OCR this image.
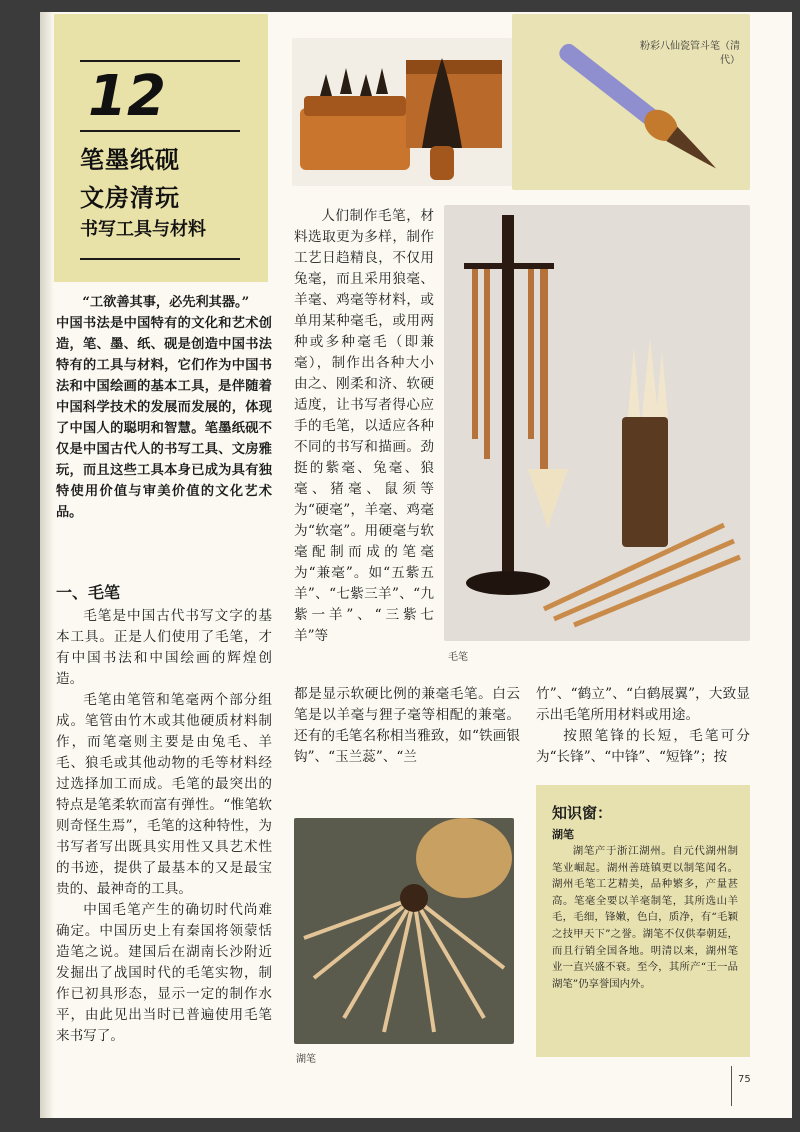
12
笔墨纸砚
文房清玩
书写工具与材料
粉彩八仙瓷管斗笔（清代）
毛笔
湖笔

“工欲善其事，必先利其器。”

中国书法是中国特有的文化和艺术创造，笔、墨、纸、砚是创造中国书法特有的工具与材料，它们作为中国书法和中国绘画的基本工具，是伴随着中国科学技术的发展而发展的，体现了中国人的聪明和智慧。笔墨纸砚不仅是中国古代人的书写工具、文房雅玩，而且这些工具本身已成为具有独特使用价值与审美价值的文化艺术品。

一、毛笔

毛笔是中国古代书写文字的基本工具。正是人们使用了毛笔，才有中国书法和中国绘画的辉煌创造。

毛笔由笔管和笔毫两个部分组成。笔管由竹木或其他硬质材料制作，而笔毫则主要是由兔毛、羊毛、狼毛或其他动物的毛等材料经过选择加工而成。毛笔的最突出的特点是笔柔软而富有弹性。“惟笔软则奇怪生焉”，毛笔的这种特性，为书写者写出既具实用性又具艺术性的书迹，提供了最基本的又是最宝贵的、最神奇的工具。

中国毛笔产生的确切时代尚难确定。中国历史上有秦国将领蒙恬造笔之说。建国后在湖南长沙附近发掘出了战国时代的毛笔实物，制作已初具形态，显示一定的制作水平，由此见出当时已普遍使用毛笔来书写了。

人们制作毛笔，材料选取更为多样，制作工艺日趋精良，不仅用兔毫，而且采用狼毫、羊毫、鸡毫等材料，或单用某种毫毛，或用两种或多种毫毛（即兼毫），制作出各种大小由之、刚柔和济、软硬适度，让书写者得心应手的毛笔，以适应各种不同的书写和描画。劲挺的紫毫、兔毫、狼毫、猪毫、鼠须等为“硬毫”，羊毫、鸡毫为“软毫”。用硬毫与软毫配制而成的笔毫为“兼毫”。如“五紫五羊”、“七紫三羊”、“九紫一羊”、“三紫七羊”等
都是显示软硬比例的兼毫毛笔。白云笔是以羊毫与狸子毫等相配的兼毫。还有的毛笔名称相当雅致，如“铁画银钩”、“玉兰蕊”、“兰

竹”、“鹤立”、“白鹤展翼”，大致显示出毛笔所用材料或用途。

按照笔锋的长短，毛笔可分为“长锋”、“中锋”、“短锋”；按

知识窗：
湖笔
湖笔产于浙江湖州。自元代湖州制笔业崛起。湖州善琏镇更以制笔闻名。湖州毛笔工艺精美，品种繁多，产量甚高。笔毫全要以羊毫制笔，其所选山羊毛，毛细，锋嫩，色白，质净，有“毛颖之技甲天下”之誉。湖笔不仅供奉朝廷，而且行销全国各地。明清以来，湖州笔业一直兴盛不衰。至今，其所产“王一品湖笔”仍享誉国内外。
75
